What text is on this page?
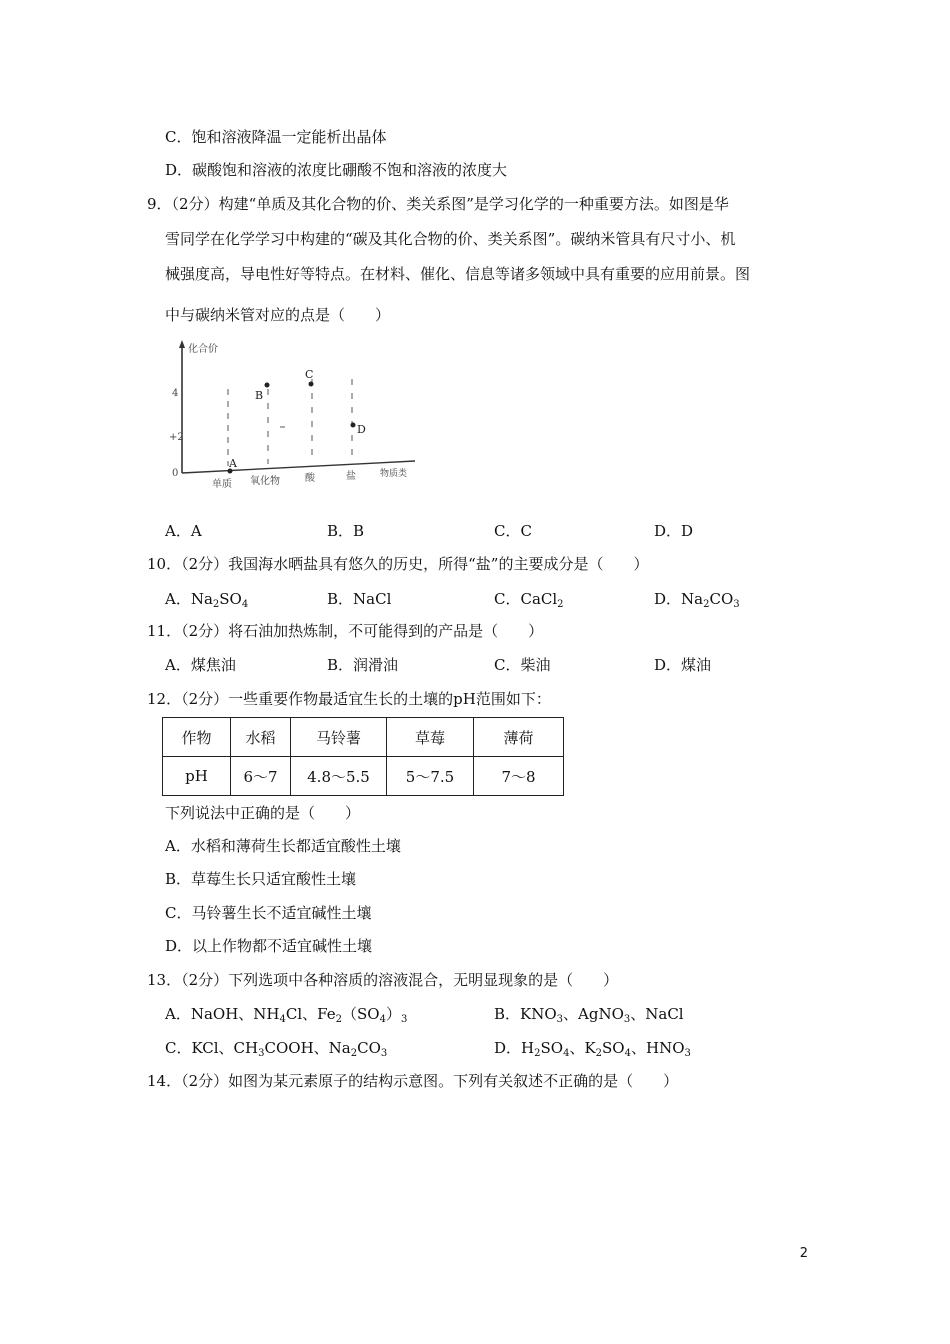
C．饱和溶液降温一定能析出晶体
D．碳酸饱和溶液的浓度比硼酸不饱和溶液的浓度大
9．（2分）构建“单质及其化合物的价、类关系图”是学习化学的一种重要方法。如图是华
雪同学在化学学习中构建的“碳及其化合物的价、类关系图”。碳纳米管具有尺寸小、机
械强度高，导电性好等特点。在材料、催化、信息等诸多领域中具有重要的应用前景。图
中与碳纳米管对应的点是（　　）
化合价
4
+2
0
A
B
C
D
单质 氧化物	酸	盐	物质类
A．A	B．B	C．C	D．D
10．（2分）我国海水晒盐具有悠久的历史，所得“盐”的主要成分是（　　）
A．$Na_2SO_4$	B．NaCl	C．CaCl$_2$	D．$Na_2CO_3$
11．（2分）将石油加热炼制，不可能得到的产品是（　　）
A．煤焦油	B．润滑油	C．柴油	D．煤油
12．（2分）一些重要作物最适宜生长的土壤的pH范围如下：
作物	水稻	马铃薯	草莓	薄荷
pH	6～7	4.8～5.5	5～7.5	7～8
下列说法中正确的是（　　）
A．水稻和薄荷生长都适宜酸性土壤
B．草莓生长只适宜酸性土壤
C．马铃薯生长不适宜碱性土壤
D．以上作物都不适宜碱性土壤
13．（2分）下列选项中各种溶质的溶液混合，无明显现象的是（　　）
A．NaOH、$NH_4Cl$、$Fe_2(SO_4)_3$	B．$KNO_3$、AgNO$_3$、NaCl
C．KCl、$CH_3COOH$、$Na_2CO_3$	D．$H_2SO_4$、$K_2SO_4$、$HNO_3$
14．（2分）如图为某元素原子的结构示意图。下列有关叙述不正确的是（　　）
2
